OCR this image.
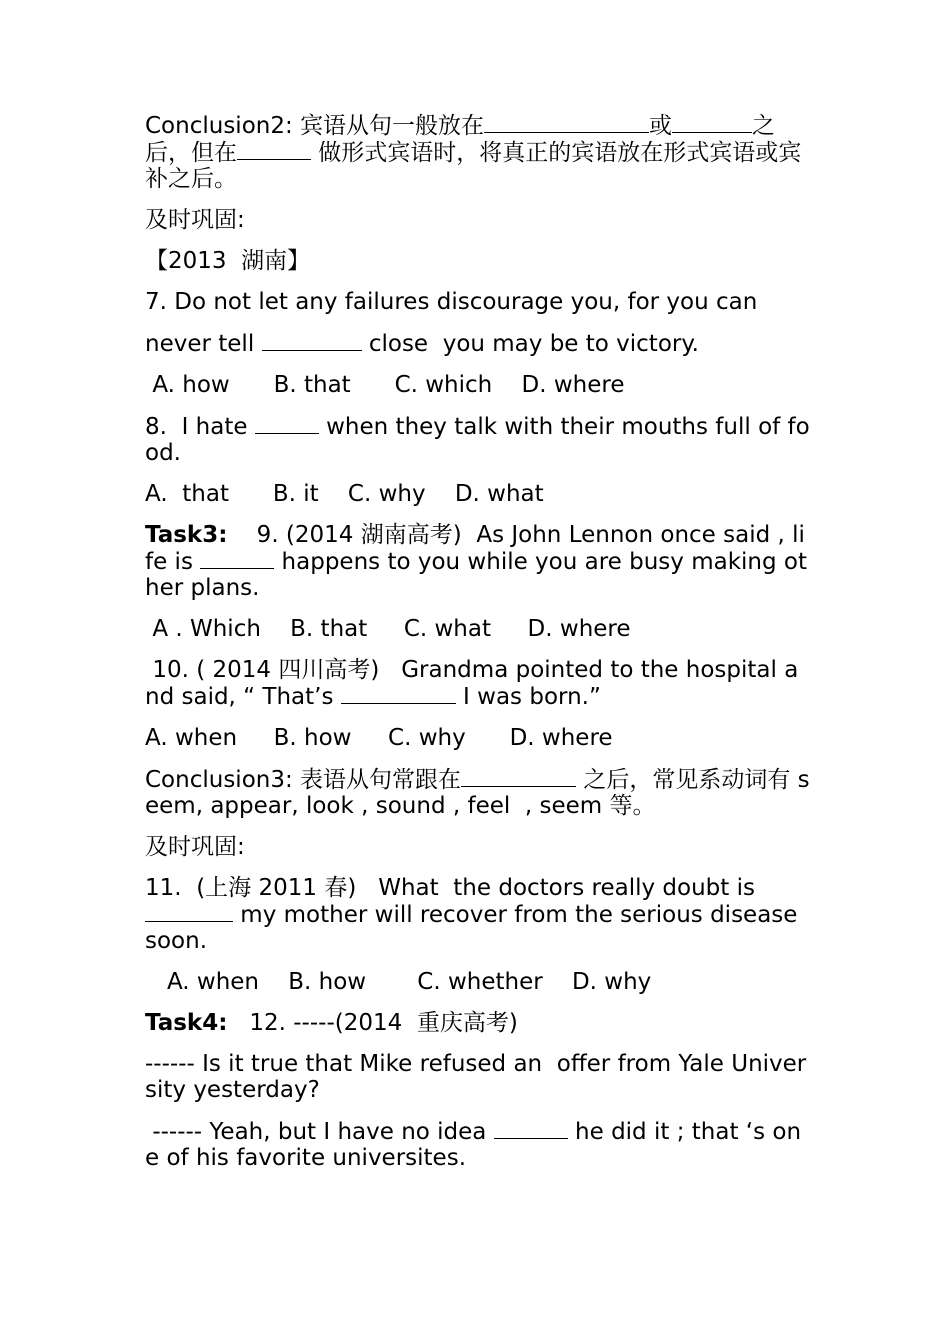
Conclusion2: 宾语从句一般放在	或	之后，但在	做形式宾语时，将真正的宾语放在形式宾语或宾补之后。
及时巩固:
【2013  湖南】
7. Do not let any failures discourage you, for you can
never tell	close  you may be to victory.
A. how      B. that      C. which    D. where
8.  I hate	when they talk with their mouths full of food.
A.  that      B. it    C. why    D. what
Task3:    9. (2014 湖南高考)  As John Lennon once said , life is	happens to you while you are busy making other plans.
A . Which    B. that     C. what     D. where
10. ( 2014 四川高考)   Grandma pointed to the hospital and said, “ That’s	I was born.”
A. when     B. how     C. why      D. where
Conclusion3: 表语从句常跟在	之后，常见系动词有 seem, appear, look , sound , feel  , seem 等。
及时巩固:
11.  (上海 2011 春)   What  the doctors really doubt is  my mother will recover from the serious disease soon.
A. when    B. how       C. whether    D. why
Task4:   12. -----(2014  重庆高考)
------ Is it true that Mike refused an  offer from Yale University yesterday?
------ Yeah, but I have no idea	he did it ; that ‘s one of his favorite universites.
